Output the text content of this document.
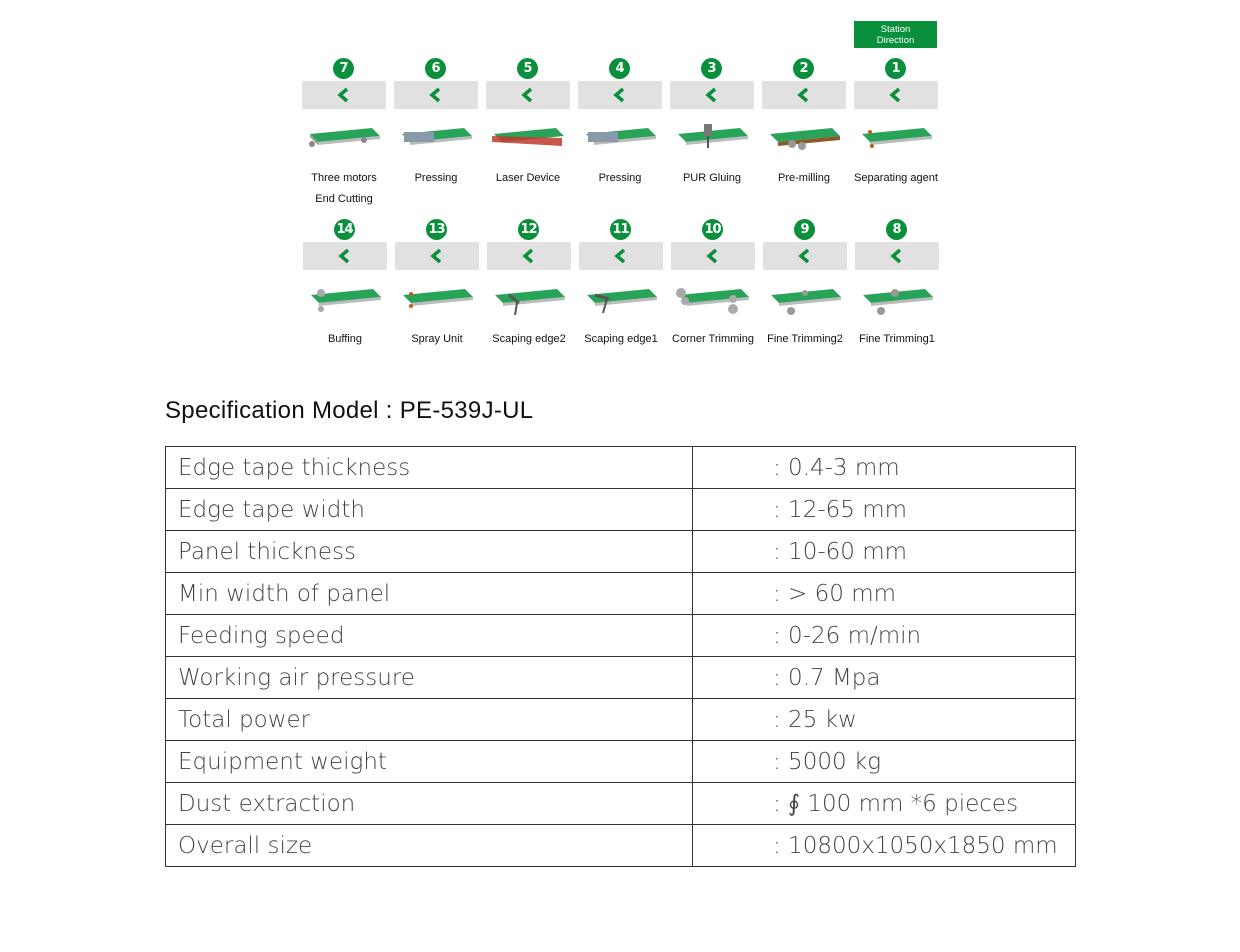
Station
Direction
7
Three motors
End Cutting
6
Pressing
5
Laser Device
4
Pressing
3
PUR Gluing
2
Pre-milling
1
Separating agent
14
Buffing
13
Spray Unit
12
Scaping edge2
11
Scaping edge1
10
Corner Trimming
9
Fine Trimming2
8
Fine Trimming1
Specification Model : PE-539J-UL
Edge tape thickness	: 0.4-3 mm
Edge tape width	: 12-65 mm
Panel thickness	: 10-60 mm
Min width of panel	: > 60 mm
Feeding speed	: 0-26 m/min
Working air pressure	: 0.7 Mpa
Total power	: 25 kw
Equipment weight	: 5000 kg
Dust extraction	: ∮ 100 mm *6 pieces
Overall size	: 10800x1050x1850 mm
